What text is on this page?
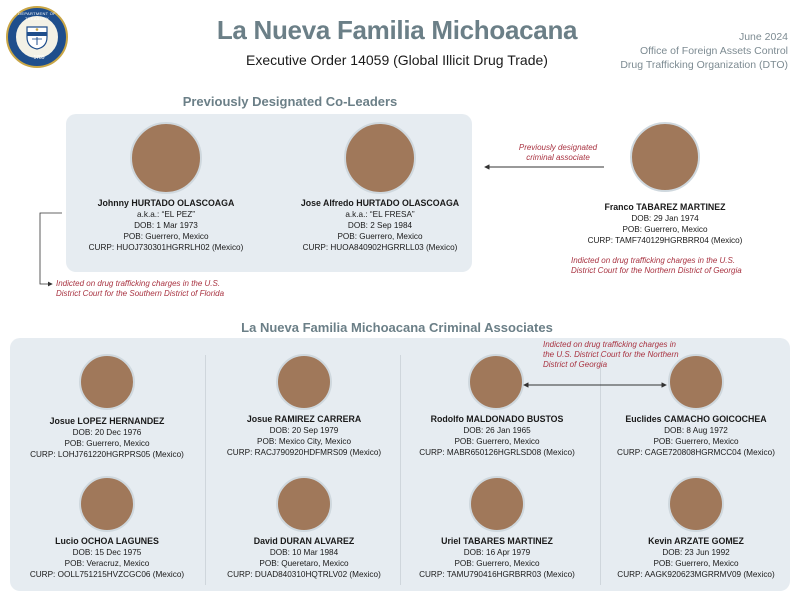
THE DEPARTMENT OF THE TREASURY
1789
La Nueva Familia Michoacana
Executive Order 14059 (Global Illicit Drug Trade)
June 2024
Office of Foreign Assets Control
Drug Trafficking Organization (DTO)
Previously Designated Co-Leaders
Johnny HURTADO OLASCOAGA
a.k.a.: “EL PEZ”
DOB: 1 Mar 1973
POB: Guerrero, Mexico
CURP: HUOJ730301HGRRLH02 (Mexico)
Jose Alfredo HURTADO OLASCOAGA
a.k.a.: “EL FRESA”
DOB: 2 Sep 1984
POB: Guerrero, Mexico
CURP: HUOA840902HGRRLL03 (Mexico)
Franco TABAREZ MARTINEZ
DOB: 29 Jan 1974
POB: Guerrero, Mexico
CURP: TAMF740129HGRBRR04 (Mexico)
Previously designated criminal associate
Indicted on drug trafficking charges in the U.S. District Court for the Northern District of Georgia
Indicted on drug trafficking charges in the U.S. District Court for the Southern District of Florida
La Nueva Familia Michoacana Criminal Associates
Indicted on drug trafficking charges in the U.S. District Court for the Northern District of Georgia
Josue LOPEZ HERNANDEZ
DOB: 20 Dec 1976
POB: Guerrero, Mexico
CURP: LOHJ761220HGRPRS05 (Mexico)
Josue RAMIREZ CARRERA
DOB: 20 Sep 1979
POB: Mexico City, Mexico
CURP: RACJ790920HDFMRS09 (Mexico)
Rodolfo MALDONADO BUSTOS
DOB: 26 Jan 1965
POB: Guerrero, Mexico
CURP: MABR650126HGRLSD08 (Mexico)
Euclides CAMACHO GOICOCHEA
DOB: 8 Aug 1972
POB: Guerrero, Mexico
CURP: CAGE720808HGRMCC04 (Mexico)
Lucio OCHOA LAGUNES
DOB: 15 Dec 1975
POB: Veracruz, Mexico
CURP: OOLL751215HVZCGC06 (Mexico)
David DURAN ALVAREZ
DOB: 10 Mar 1984
POB: Queretaro, Mexico
CURP: DUAD840310HQTRLV02 (Mexico)
Uriel TABARES MARTINEZ
DOB: 16 Apr 1979
POB: Guerrero, Mexico
CURP: TAMU790416HGRBRR03 (Mexico)
Kevin ARZATE GOMEZ
DOB: 23 Jun 1992
POB: Guerrero, Mexico
CURP: AAGK920623MGRRMV09 (Mexico)
